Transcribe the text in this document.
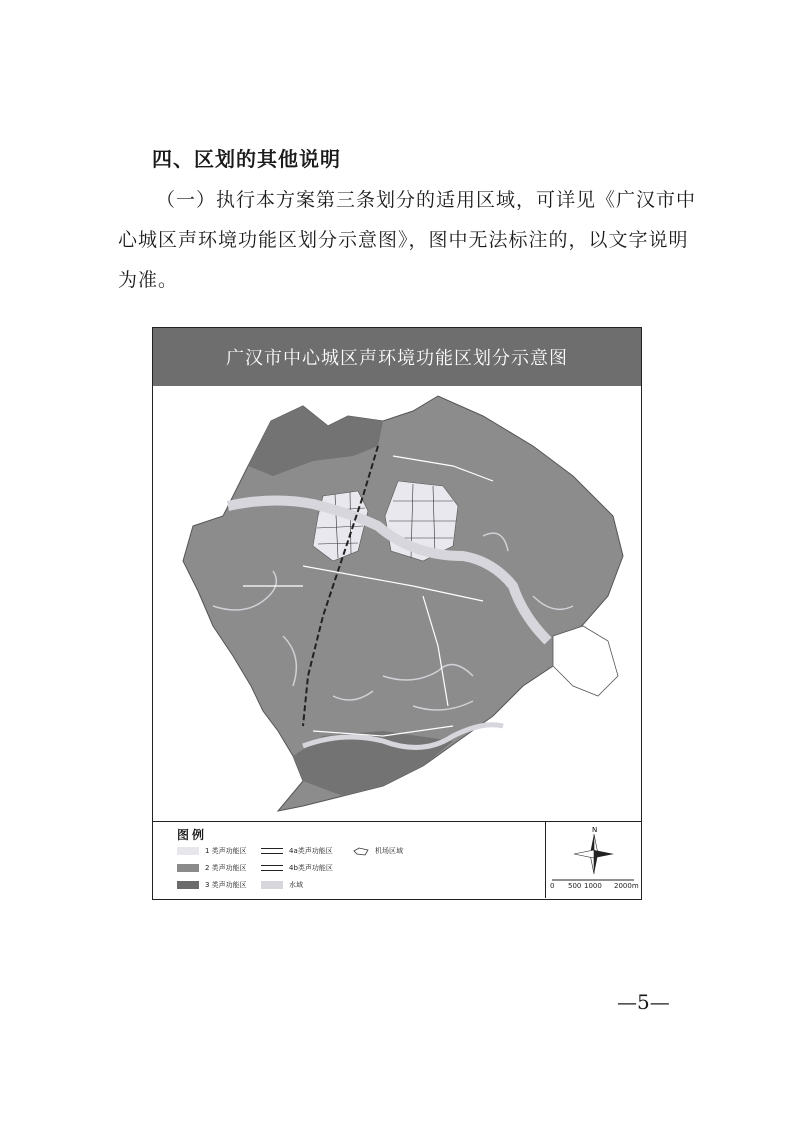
四、区划的其他说明
（一）执行本方案第三条划分的适用区域，可详见《广汉市中心城区声环境功能区划分示意图》，图中无法标注的，以文字说明为准。
广汉市中心城区声环境功能区划分示意图
图例
1 类声功能区
2 类声功能区
3 类声功能区
4a类声功能区
4b类声功能区
水域
机场区域
N
0 500 1000 2000m
—5—
